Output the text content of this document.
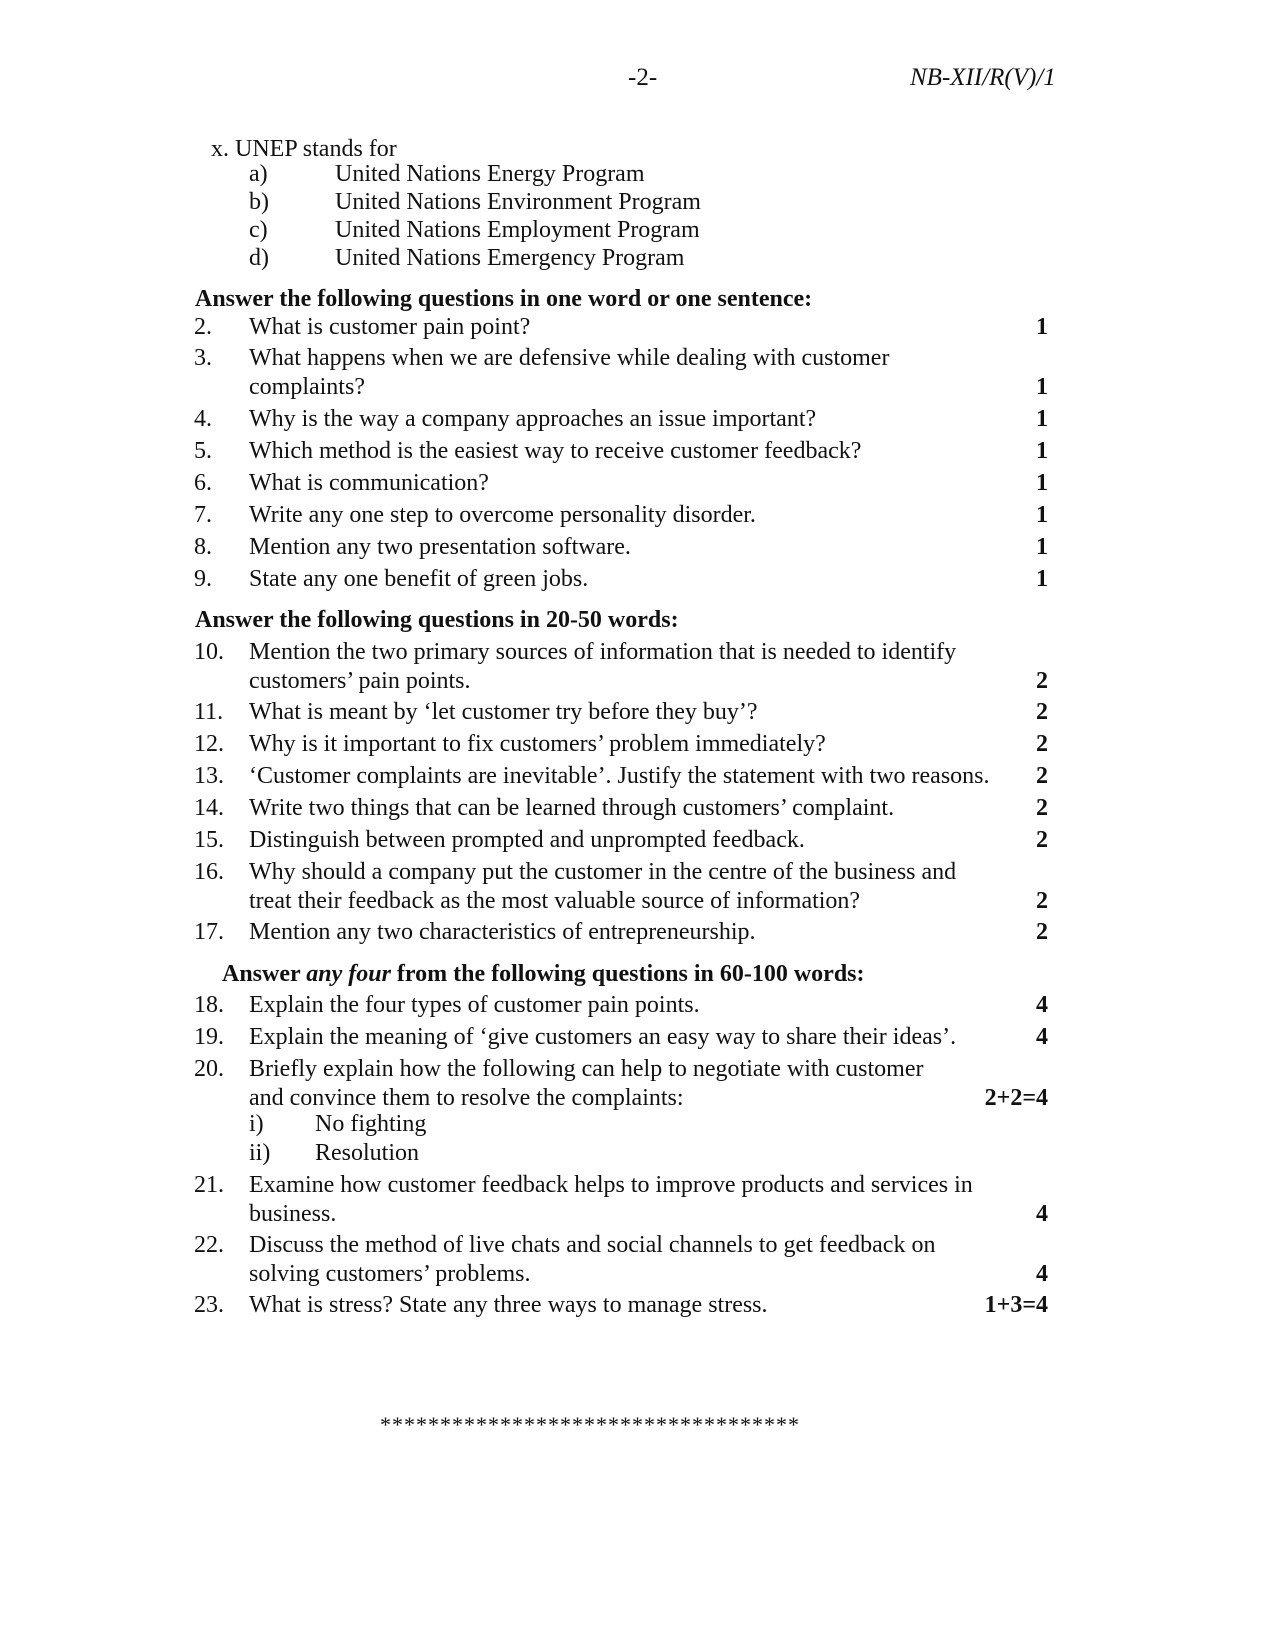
-2-	NB-XII/R(V)/1
x. UNEP stands for
a)	United Nations Energy Program
b)	United Nations Environment Program
c)	United Nations Employment Program
d)	United Nations Emergency Program
Answer the following questions in one word or one sentence:
2. What is customer pain point?	1
3. What happens when we are defensive while dealing with customer complaints?	1
4. Why is the way a company approaches an issue important?	1
5. Which method is the easiest way to receive customer feedback?	1
6. What is communication?	1
7. Write any one step to overcome personality disorder.	1
8. Mention any two presentation software.	1
9. State any one benefit of green jobs.	1
Answer the following questions in 20-50 words:
10. Mention the two primary sources of information that is needed to identify customers’ pain points.	2
11. What is meant by ‘let customer try before they buy’?	2
12. Why is it important to fix customers’ problem immediately?	2
13. ‘Customer complaints are inevitable’. Justify the statement with two reasons.	2
14. Write two things that can be learned through customers’ complaint.	2
15. Distinguish between prompted and unprompted feedback.	2
16. Why should a company put the customer in the centre of the business and treat their feedback as the most valuable source of information?	2
17. Mention any two characteristics of entrepreneurship.	2
Answer any four from the following questions in 60-100 words:
18. Explain the four types of customer pain points.	4
19. Explain the meaning of ‘give customers an easy way to share their ideas’.	4
20. Briefly explain how the following can help to negotiate with customer and convince them to resolve the complaints:	2+2=4
i) No fighting
ii) Resolution
21. Examine how customer feedback helps to improve products and services in business.	4
22. Discuss the method of live chats and social channels to get feedback on solving customers’ problems.	4
23. What is stress? State any three ways to manage stress.	1+3=4
***********************************
